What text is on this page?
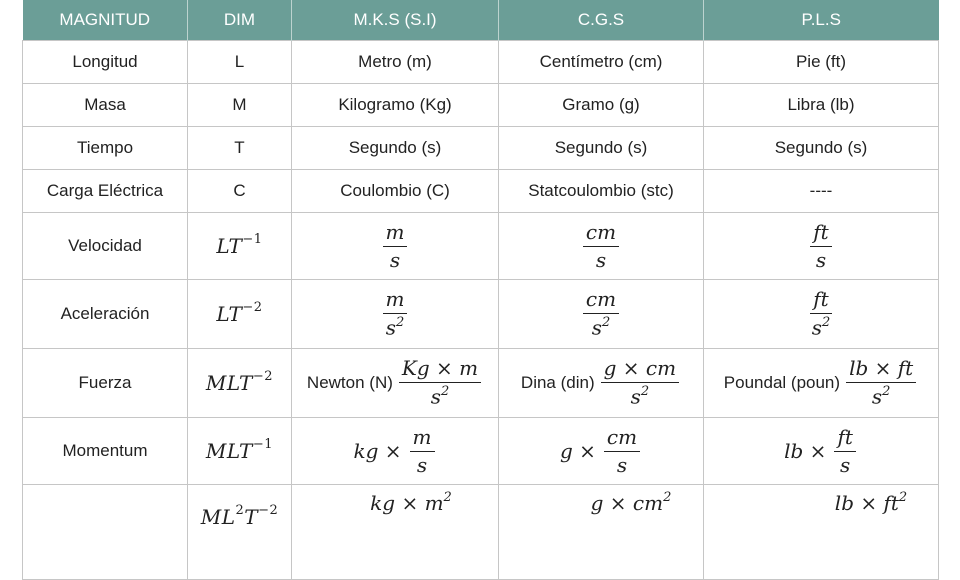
MAGNITUD	DIM	M.K.S (S.I)	C.G.S	P.L.S
Longitud	L	Metro (m)	Centímetro (cm)	Pie (ft)
Masa	M	Kilogramo (Kg)	Gramo (g)	Libra (lb)
Tiempo	T	Segundo (s)	Segundo (s)	Segundo (s)
Carga Eléctrica	C	Coulombio (C)	Statcoulombio (stc)	----
Velocidad	$LT^{-1}$	$\frac{m}{s}$	$\frac{cm}{s}$	$\frac{ft}{s}$

Aceleración	$LT^{-2}$	$\frac{m}{s^2}$	$\frac{cm}{s^2}$	$\frac{ft}{s^2}$

Fuerza	$MLT^{-2}$	Newton $(N) \frac{Kg \times m}{s^2}$	Dina $(din) \frac{g \times cm}{s^2}$	Poundal (poun) $\frac{lb \times ft}{s^2}$

Momentum	$MLT^{-1}$	kg × $\frac{m}{s}$	$g \times \frac{cm}{s}$	lb × $\frac{ft}{s}$

	$ML^2T^{-2}$	kg × $m^2$	$g \times cm^2$	lb × $ft^2$
